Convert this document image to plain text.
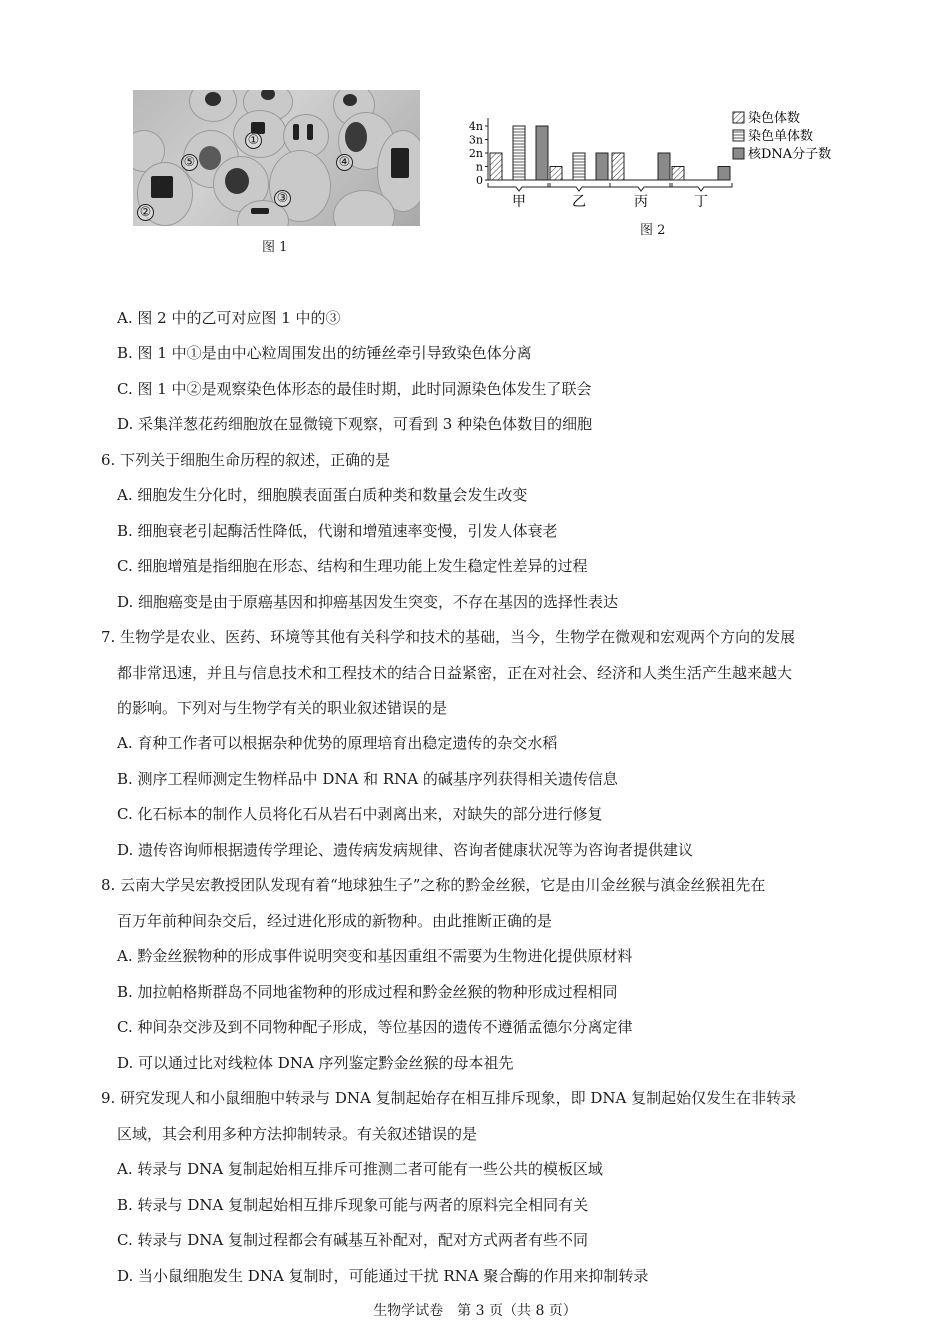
①
②
③
④
⑤
图 1
4n
3n
2n
n
0
甲	乙	丙	丁
染色体数
染色单体数
核DNA分子数
图 2
A. 图 2 中的乙可对应图 1 中的③
B. 图 1 中①是由中心粒周围发出的纺锤丝牵引导致染色体分离
C. 图 1 中②是观察染色体形态的最佳时期，此时同源染色体发生了联会
D. 采集洋葱花药细胞放在显微镜下观察，可看到 3 种染色体数目的细胞
6. 下列关于细胞生命历程的叙述，正确的是
A. 细胞发生分化时，细胞膜表面蛋白质种类和数量会发生改变
B. 细胞衰老引起酶活性降低，代谢和增殖速率变慢，引发人体衰老
C. 细胞增殖是指细胞在形态、结构和生理功能上发生稳定性差异的过程
D. 细胞癌变是由于原癌基因和抑癌基因发生突变，不存在基因的选择性表达
7. 生物学是农业、医药、环境等其他有关科学和技术的基础，当今，生物学在微观和宏观两个方向的发展
都非常迅速，并且与信息技术和工程技术的结合日益紧密，正在对社会、经济和人类生活产生越来越大
的影响。下列对与生物学有关的职业叙述错误的是
A. 育种工作者可以根据杂种优势的原理培育出稳定遗传的杂交水稻
B. 测序工程师测定生物样品中 DNA 和 RNA 的碱基序列获得相关遗传信息
C. 化石标本的制作人员将化石从岩石中剥离出来，对缺失的部分进行修复
D. 遗传咨询师根据遗传学理论、遗传病发病规律、咨询者健康状况等为咨询者提供建议
8. 云南大学吴宏教授团队发现有着“地球独生子”之称的黔金丝猴，它是由川金丝猴与滇金丝猴祖先在
百万年前种间杂交后，经过进化形成的新物种。由此推断正确的是
A. 黔金丝猴物种的形成事件说明突变和基因重组不需要为生物进化提供原材料
B. 加拉帕格斯群岛不同地雀物种的形成过程和黔金丝猴的物种形成过程相同
C. 种间杂交涉及到不同物种配子形成，等位基因的遗传不遵循孟德尔分离定律
D. 可以通过比对线粒体 DNA 序列鉴定黔金丝猴的母本祖先
9. 研究发现人和小鼠细胞中转录与 DNA 复制起始存在相互排斥现象，即 DNA 复制起始仅发生在非转录
区域，其会利用多种方法抑制转录。有关叙述错误的是
A. 转录与 DNA 复制起始相互排斥可推测二者可能有一些公共的模板区域
B. 转录与 DNA 复制起始相互排斥现象可能与两者的原料完全相同有关
C. 转录与 DNA 复制过程都会有碱基互补配对，配对方式两者有些不同
D. 当小鼠细胞发生 DNA 复制时，可能通过干扰 RNA 聚合酶的作用来抑制转录
生物学试卷　第 3 页（共 8 页）
